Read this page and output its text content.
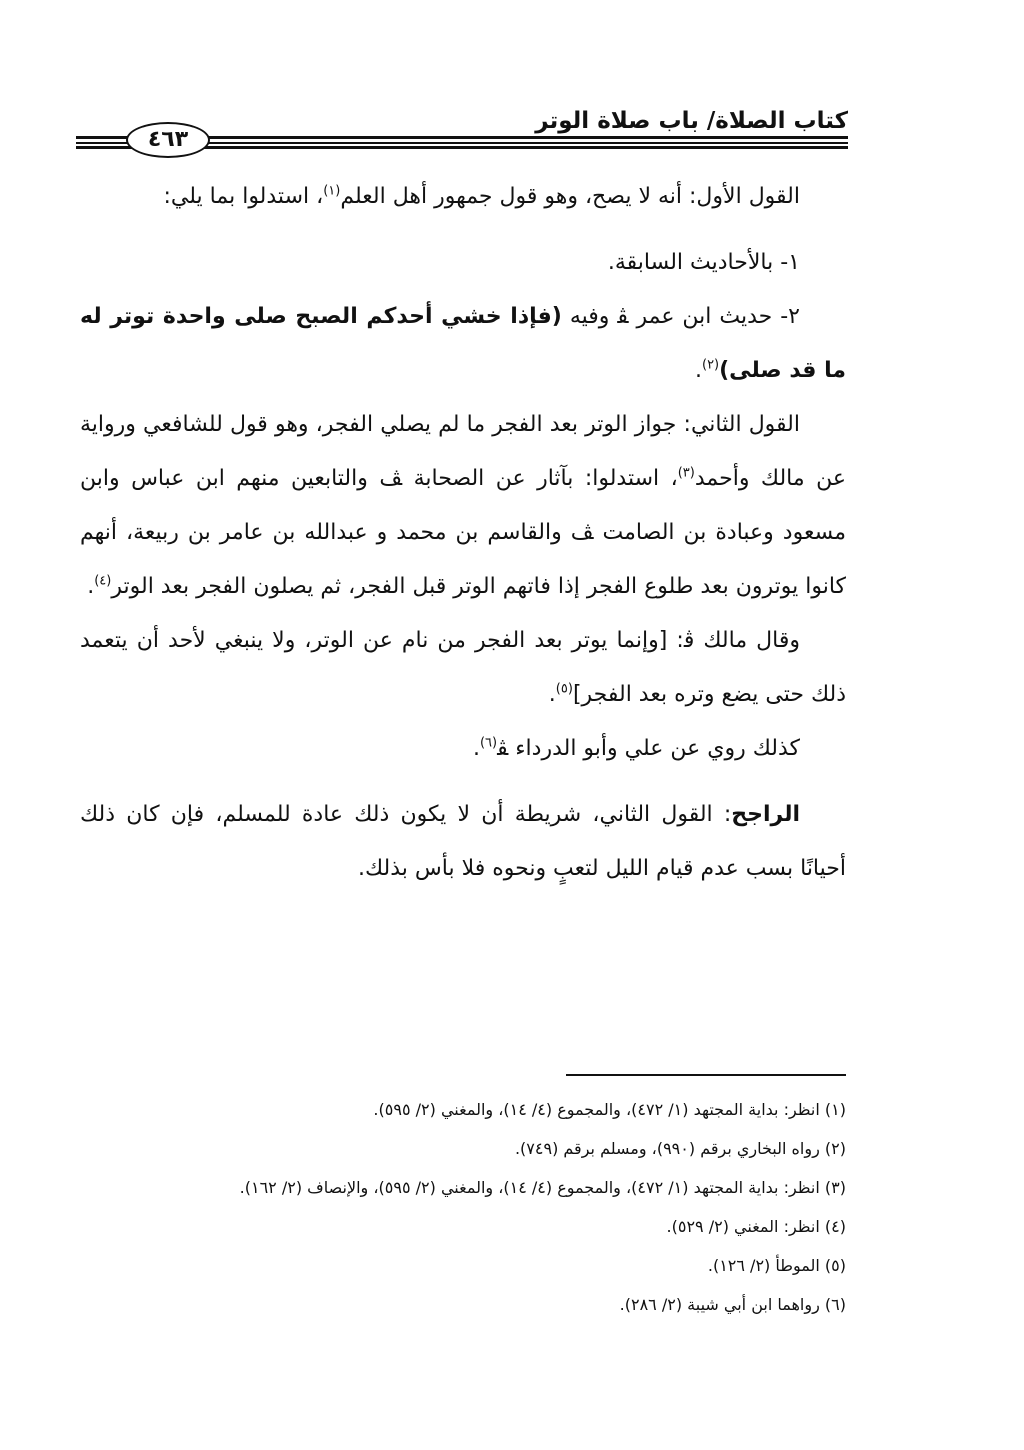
كتاب الصلاة/ باب صلاة الوتر
٤٦٣

القول الأول: أنه لا يصح، وهو قول جمهور أهل العلم$^{(١)}$، استدلوا بما يلي:

١- بالأحاديث السابقة.

٢- حديث ابن عمر ﭭ وفيه (فإذا خشي أحدكم الصبح صلى واحدة توتر له ما قد صلى)$^{(٢)}$.

القول الثاني: جواز الوتر بعد الفجر ما لم يصلي الفجر، وهو قول للشافعي ورواية عن مالك وأحمد$^{(٣)}$، استدلوا: بآثار عن الصحابة ﭫ والتابعين منهم ابن عباس وابن مسعود وعبادة بن الصامت ﭫ والقاسم بن محمد و عبدالله بن عامر بن ربيعة، أنهم كانوا يوترون بعد طلوع الفجر إذا فاتهم الوتر قبل الفجر، ثم يصلون الفجر بعد الوتر$^{(٤)}$.

وقال مالك ﭬ: [وإنما يوتر بعد الفجر من نام عن الوتر، ولا ينبغي لأحد أن يتعمد ذلك حتى يضع وتره بعد الفجر]$^{(٥)}$.

كذلك روي عن علي وأبو الدرداء ﭭ$^{(٦)}$.

الراجح: القول الثاني، شريطة أن لا يكون ذلك عادة للمسلم، فإن كان ذلك أحيانًا بسب عدم قيام الليل لتعبٍ ونحوه فلا بأس بذلك.

(١) انظر: بداية المجتهد (١/ ٤٧٢)، والمجموع (٤/ ١٤)، والمغني (٢/ ٥٩٥).

(٢) رواه البخاري برقم (٩٩٠)، ومسلم برقم (٧٤٩).

(٣) انظر: بداية المجتهد (١/ ٤٧٢)، والمجموع (٤/ ١٤)، والمغني (٢/ ٥٩٥)، والإنصاف (٢/ ١٦٢).

(٤) انظر: المغني (٢/ ٥٢٩).

(٥) الموطأ (٢/ ١٢٦).

(٦) رواهما ابن أبي شيبة (٢/ ٢٨٦).
